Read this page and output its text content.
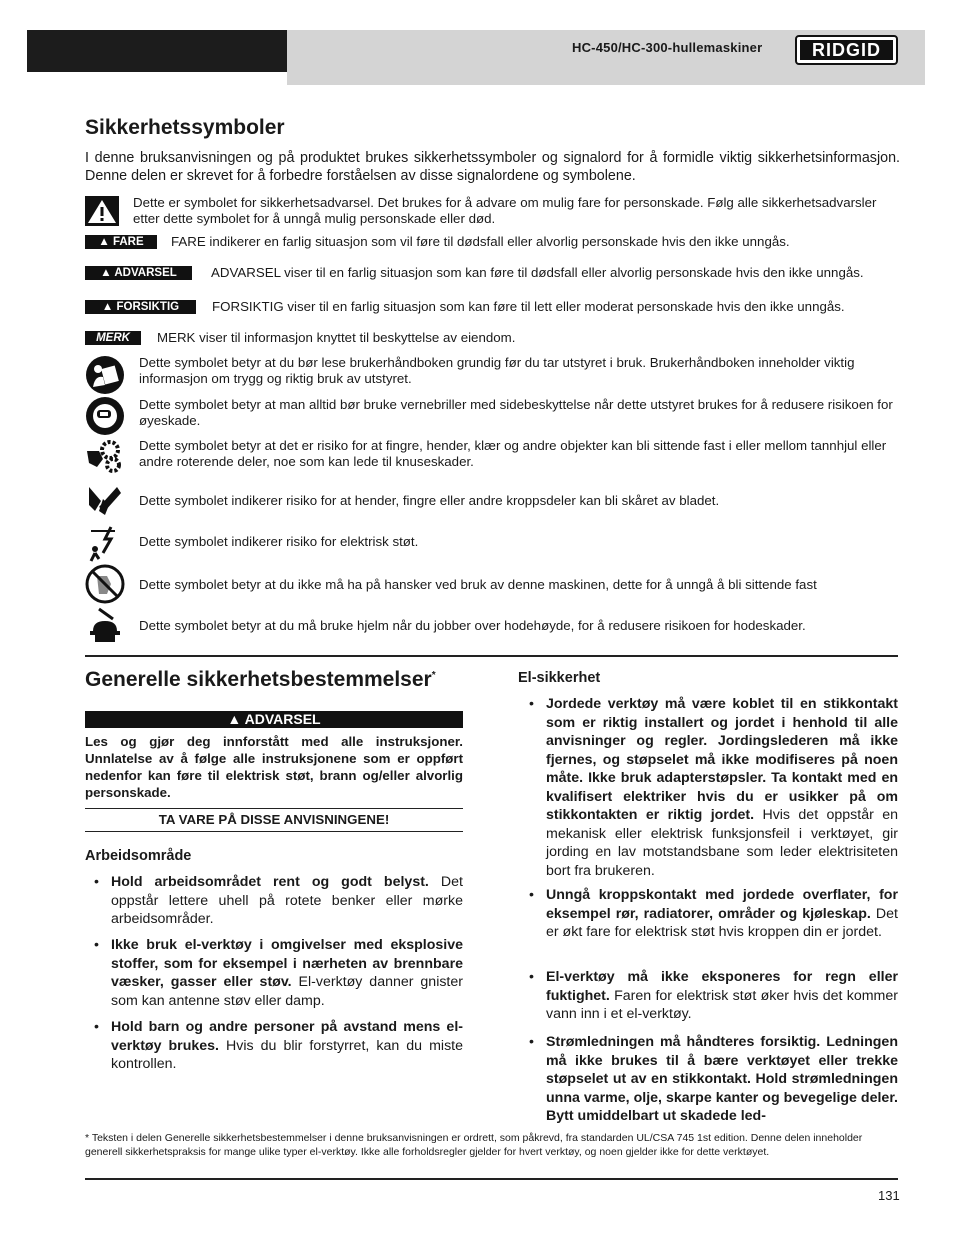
HC-450/HC-300-hullemaskiner	RIDGID
Sikkerhetssymboler
I denne bruksanvisningen og på produktet brukes sikkerhetssymboler og signalord for å formidle viktig sikkerhetsinformasjon. Denne delen er skrevet for å forbedre forståelsen av disse signalordene og symbolene.
Dette er symbolet for sikkerhetsadvarsel. Det brukes for å advare om mulig fare for personskade. Følg alle sikkerhetsadvarsler etter dette symbolet for å unngå mulig personskade eller død.
▲ FARE	FARE indikerer en farlig situasjon som vil føre til dødsfall eller alvorlig personskade hvis den ikke unngås.
▲ ADVARSEL	ADVARSEL viser til en farlig situasjon som kan føre til dødsfall eller alvorlig personskade hvis den ikke unngås.
▲ FORSIKTIG	FORSIKTIG viser til en farlig situasjon som kan føre til lett eller moderat personskade hvis den ikke unngås.
MERK	MERK viser til informasjon knyttet til beskyttelse av eiendom.
Dette symbolet betyr at du bør lese brukerhåndboken grundig før du tar utstyret i bruk. Brukerhåndboken inneholder viktig informasjon om trygg og riktig bruk av utstyret.
Dette symbolet betyr at man alltid bør bruke vernebriller med sidebeskyttelse når dette utstyret brukes for å redusere risikoen for øyeskade.
Dette symbolet betyr at det er risiko for at fingre, hender, klær og andre objekter kan bli sittende fast i eller mellom tannhjul eller andre roterende deler, noe som kan lede til knuseskader.
Dette symbolet indikerer risiko for at hender, fingre eller andre kroppsdeler kan bli skåret av bladet.
Dette symbolet indikerer risiko for elektrisk støt.
Dette symbolet betyr at du ikke må ha på hansker ved bruk av denne maskinen, dette for å unngå å bli sittende fast
Dette symbolet betyr at du må bruke hjelm når du jobber over hodehøyde, for å redusere risikoen for hodeskader.
Generelle sikkerhetsbestemmelser*
▲ ADVARSEL
Les og gjør deg innforstått med alle instruksjoner. Unnlatelse av å følge alle instruksjonene som er oppført nedenfor kan føre til elektrisk støt, brann og/eller alvorlig personskade.
TA VARE PÅ DISSE ANVISNINGENE!
Arbeidsområde
• Hold arbeidsområdet rent og godt belyst. Det oppstår lettere uhell på rotete benker eller mørke arbeidsområder.
• Ikke bruk el-verktøy i omgivelser med eksplosive stoffer, som for eksempel i nærheten av brennbare væsker, gasser eller støv. El-verktøy danner gnister som kan antenne støv eller damp.
• Hold barn og andre personer på avstand mens el-verktøy brukes. Hvis du blir forstyrret, kan du miste kontrollen.
El-sikkerhet
• Jordede verktøy må være koblet til en stikkontakt som er riktig installert og jordet i henhold til alle anvisninger og regler. Jordingslederen må ikke fjernes, og støpselet må ikke modifiseres på noen måte. Ikke bruk adapterstøpsler. Ta kontakt med en kvalifisert elektriker hvis du er usikker på om stikkontakten er riktig jordet. Hvis det oppstår en mekanisk eller elektrisk funksjonsfeil i verktøyet, gir jording en lav motstandsbane som leder elektrisiteten bort fra brukeren.
• Unngå kroppskontakt med jordede overflater, for eksempel rør, radiatorer, områder og kjøleskap. Det er økt fare for elektrisk støt hvis kroppen din er jordet.
• El-verktøy må ikke eksponeres for regn eller fuktighet. Faren for elektrisk støt øker hvis det kommer vann inn i et el-verktøy.
• Strømledningen må håndteres forsiktig. Ledningen må ikke brukes til å bære verktøyet eller trekke støpselet ut av en stikkontakt. Hold strømledningen unna varme, olje, skarpe kanter og bevegelige deler. Bytt umiddelbart ut skadede led-
* Teksten i delen Generelle sikkerhetsbestemmelser i denne bruksanvisningen er ordrett, som påkrevd, fra standarden UL/CSA 745 1st edition. Denne delen inneholder generell sikkerhetspraksis for mange ulike typer el-verktøy. Ikke alle forholdsregler gjelder for hvert verktøy, og noen gjelder ikke for dette verktøyet.
131
